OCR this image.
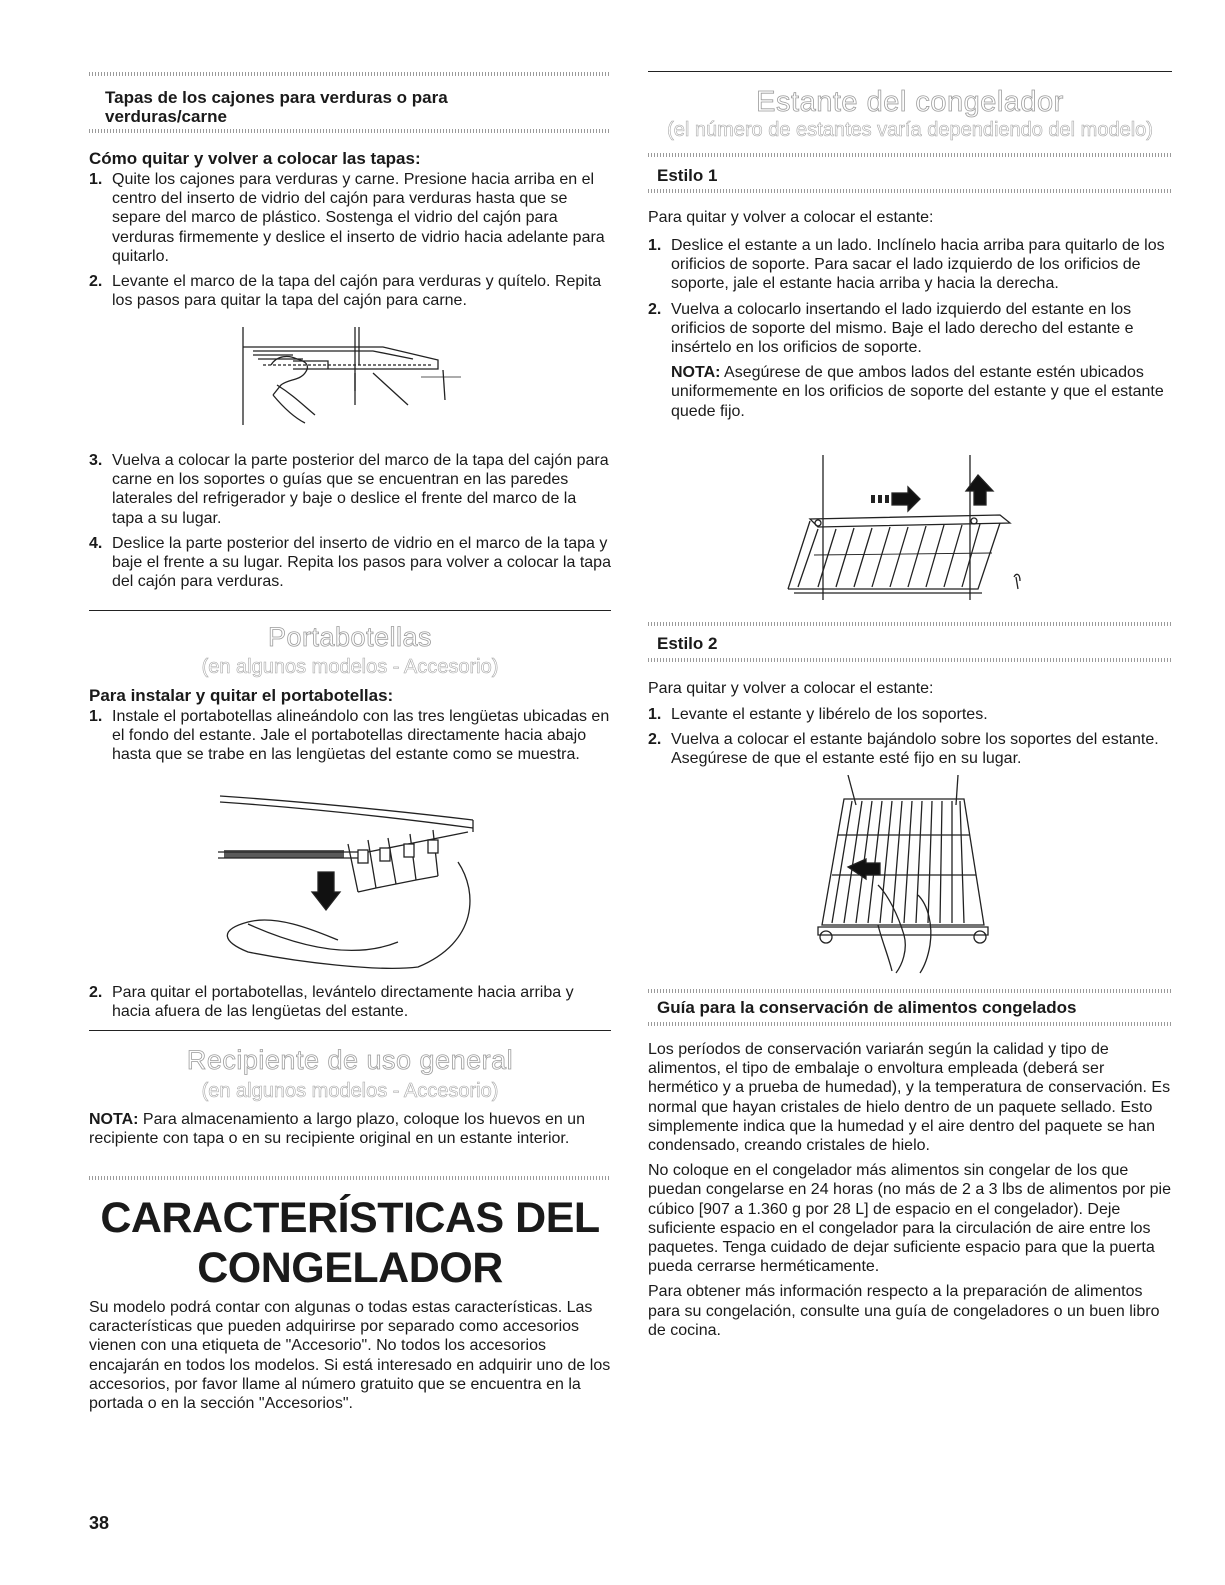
Tapas de los cajones para verduras o para verduras/carne
Cómo quitar y volver a colocar las tapas:
1. Quite los cajones para verduras y carne. Presione hacia arriba en el centro del inserto de vidrio del cajón para verduras hasta que se separe del marco de plástico. Sostenga el vidrio del cajón para verduras firmemente y deslice el inserto de vidrio hacia adelante para quitarlo.
2. Levante el marco de la tapa del cajón para verduras y quítelo. Repita los pasos para quitar la tapa del cajón para carne.
3. Vuelva a colocar la parte posterior del marco de la tapa del cajón para carne en los soportes o guías que se encuentran en las paredes laterales del refrigerador y baje o deslice el frente del marco de la tapa a su lugar.
4. Deslice la parte posterior del inserto de vidrio en el marco de la tapa y baje el frente a su lugar. Repita los pasos para volver a colocar la tapa del cajón para verduras.
Portabotellas
(en algunos modelos - Accesorio)
Para instalar y quitar el portabotellas:
1. Instale el portabotellas alineándolo con las tres lengüetas ubicadas en el fondo del estante. Jale el portabotellas directamente hacia abajo hasta que se trabe en las lengüetas del estante como se muestra.
2. Para quitar el portabotellas, levántelo directamente hacia arriba y hacia afuera de las lengüetas del estante.
Recipiente de uso general
(en algunos modelos - Accesorio)
NOTA: Para almacenamiento a largo plazo, coloque los huevos en un recipiente con tapa o en su recipiente original en un estante interior.
CARACTERÍSTICAS DEL
CONGELADOR
Su modelo podrá contar con algunas o todas estas características. Las características que pueden adquirirse por separado como accesorios vienen con una etiqueta de "Accesorio". No todos los accesorios encajarán en todos los modelos. Si está interesado en adquirir uno de los accesorios, por favor llame al número gratuito que se encuentra en la portada o en la sección "Accesorios".
Estante del congelador
(el número de estantes varía dependiendo del modelo)
Estilo 1
Para quitar y volver a colocar el estante:
1. Deslice el estante a un lado. Inclínelo hacia arriba para quitarlo de los orificios de soporte. Para sacar el lado izquierdo de los orificios de soporte, jale el estante hacia arriba y hacia la derecha.
2. Vuelva a colocarlo insertando el lado izquierdo del estante en los orificios de soporte del mismo. Baje el lado derecho del estante e insértelo en los orificios de soporte.
NOTA: Asegúrese de que ambos lados del estante estén ubicados uniformemente en los orificios de soporte del estante y que el estante quede fijo.
Estilo 2
Para quitar y volver a colocar el estante:
1. Levante el estante y libérelo de los soportes.
2. Vuelva a colocar el estante bajándolo sobre los soportes del estante. Asegúrese de que el estante esté fijo en su lugar.
Guía para la conservación de alimentos congelados

Los períodos de conservación variarán según la calidad y tipo de alimentos, el tipo de embalaje o envoltura empleada (deberá ser hermético y a prueba de humedad), y la temperatura de conservación. Es normal que hayan cristales de hielo dentro de un paquete sellado. Esto simplemente indica que la humedad y el aire dentro del paquete se han condensado, creando cristales de hielo.

No coloque en el congelador más alimentos sin congelar de los que puedan congelarse en 24 horas (no más de 2 a 3 lbs de alimentos por pie cúbico [907 a 1.360 g por 28 L] de espacio en el congelador). Deje suficiente espacio en el congelador para la circulación de aire entre los paquetes. Tenga cuidado de dejar suficiente espacio para que la puerta pueda cerrarse herméticamente.

Para obtener más información respecto a la preparación de alimentos para su congelación, consulte una guía de congeladores o un buen libro de cocina.

38
